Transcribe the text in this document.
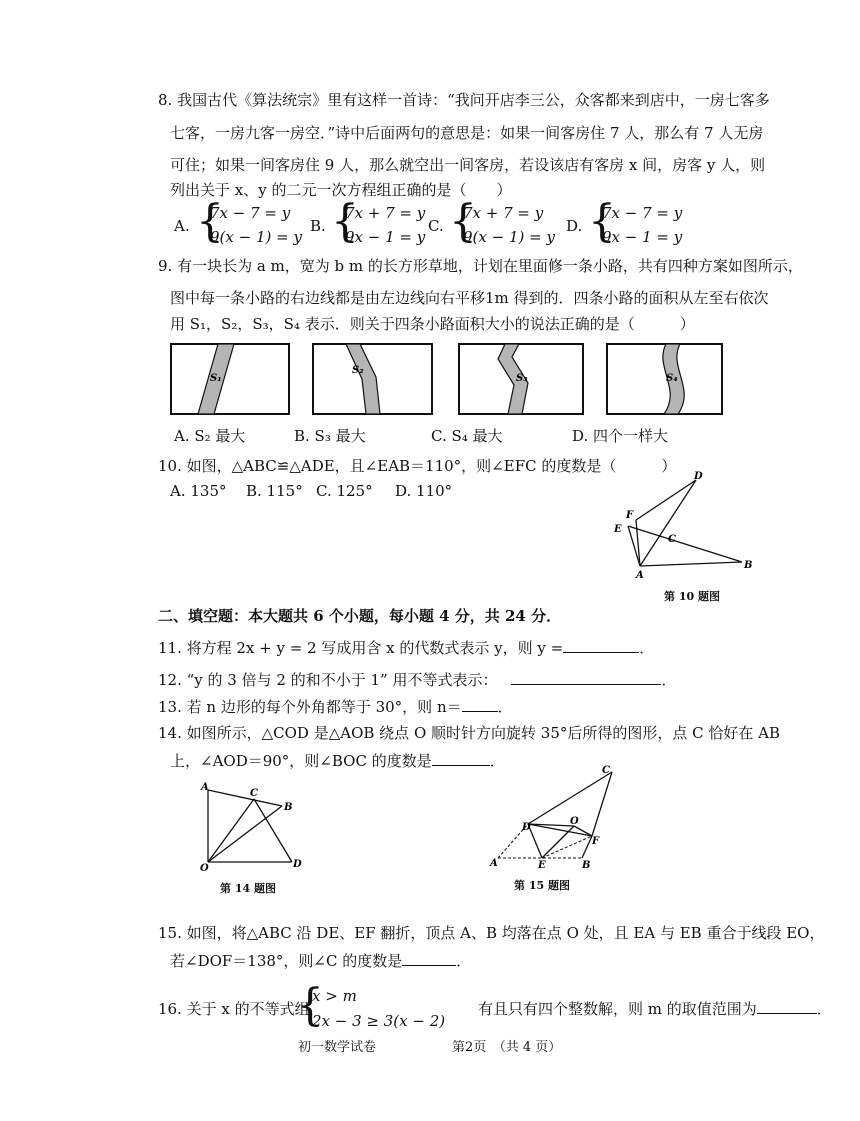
8. 我国古代《算法统宗》里有这样一首诗：“我问开店李三公，众客都来到店中，一房七客多
七客，一房九客一房空．”诗中后面两句的意思是：如果一间客房住 7 人，那么有 7 人无房
可住；如果一间客房住 9 人，那么就空出一间客房，若设该店有客房 x 间，房客 y 人，则
列出关于 x、y 的二元一次方程组正确的是（　　）
A. {
7x − 7 = y
9(x − 1) = y
B. {
7x + 7 = y
9x − 1 = y
C. {
7x + 7 = y
9(x − 1) = y
D. {
7x − 7 = y
9x − 1 = y
9. 有一块长为 a m，宽为 b m 的长方形草地，计划在里面修一条小路，共有四种方案如图所示，
图中每一条小路的右边线都是由左边线向右平移1m 得到的．四条小路的面积从左至右依次
用 S₁，S₂，S₃，S₄ 表示．则关于四条小路面积大小的说法正确的是（　　　）
S₁
S₂
S₃	S₄
A. S₂ 最大	B. S₃ 最大	C. S₄ 最大	D. 四个一样大
10. 如图，△ABC≌△ADE，且∠EAB＝110°，则∠EFC 的度数是（　　　）
A. 135° B. 115° C. 125° D. 110°
D
F
E
C
A
B
第 10 题图
二、填空题：本大题共 6 个小题，每小题 4 分，共 24 分．
11. 将方程 2x + y = 2 写成用含 x 的代数式表示 y，则 y =	．
12. “y 的 3 倍与 2 的和不小于 1” 用不等式表示：	．
13. 若 n 边形的每个外角都等于 30°，则 n＝ ．
14. 如图所示，△COD 是△AOB 绕点 O 顺时针方向旋转 35°后所得的图形，点 C 恰好在 AB
上，∠AOD＝90°，则∠BOC 的度数是	．
A
C
B
O	D
第 14 题图
C
D
O
F
A	E	B
第 15 题图
15. 如图，将△ABC 沿 DE、EF 翻折，顶点 A、B 均落在点 O 处，且 EA 与 EB 重合于线段 EO，
若∠DOF＝138°，则∠C 的度数是	．
16. 关于 x 的不等式组
{
x > m
2x − 3 ≥ 3(x − 2)
有且只有四个整数解，则 m 的取值范围为	．
初一数学试卷	第2页　（共 4 页）
